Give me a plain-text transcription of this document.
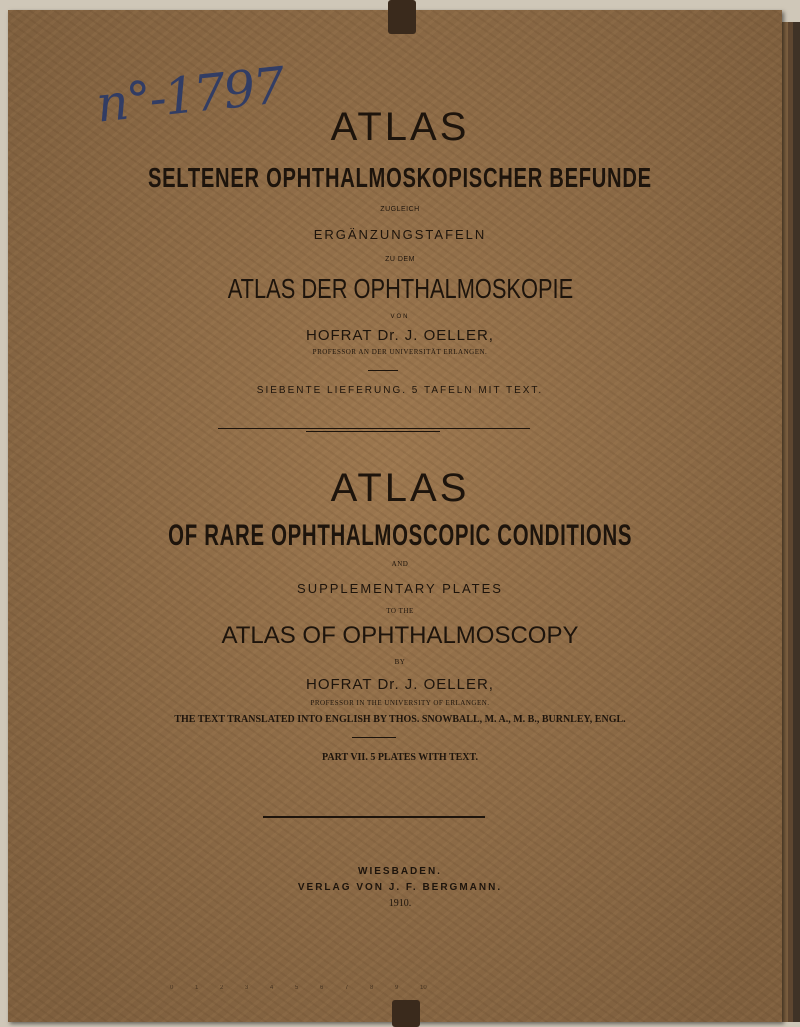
n°-1797	ATLAS
SELTENER OPHTHALMOSKOPISCHER BEFUNDE
ZUGLEICH
ERGÄNZUNGSTAFELN
ZU DEM
ATLAS DER OPHTHALMOSKOPIE
VON
HOFRAT Dr. J. OELLER,
PROFESSOR AN DER UNIVERSITÄT ERLANGEN.
SIEBENTE LIEFERUNG. 5 TAFELN MIT TEXT.
ATLAS
OF RARE OPHTHALMOSCOPIC CONDITIONS
AND
SUPPLEMENTARY PLATES
TO THE
ATLAS OF OPHTHALMOSCOPY
BY
HOFRAT Dr. J. OELLER,
PROFESSOR IN THE UNIVERSITY OF ERLANGEN.
THE TEXT TRANSLATED INTO ENGLISH BY THOS. SNOWBALL, M. A., M. B., BURNLEY, ENGL.
PART VII. 5 PLATES WITH TEXT.
WIESBADEN.
VERLAG VON J. F. BERGMANN.
1910.
0	1	2	3	4	5	6	7	8	9	10
